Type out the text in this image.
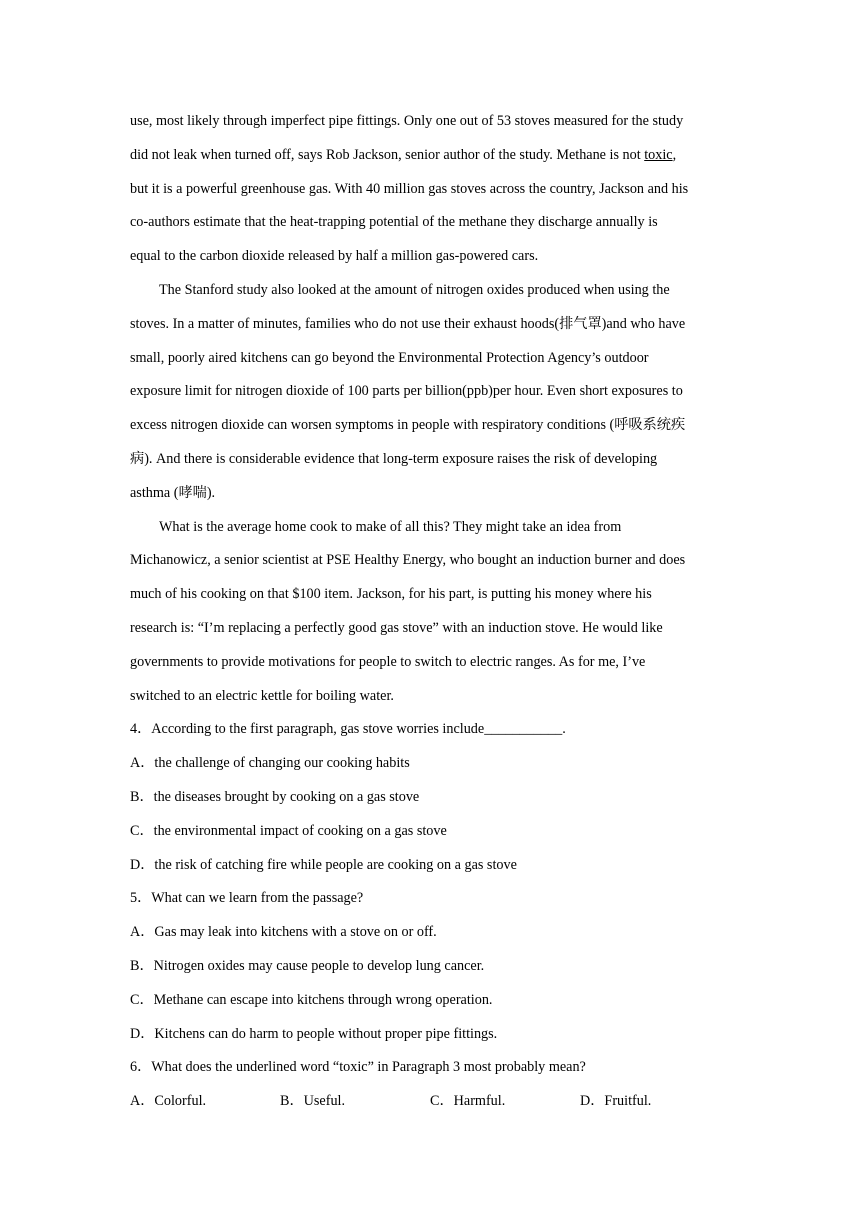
use, most likely through imperfect pipe fittings. Only one out of 53 stoves measured for the study
did not leak when turned off, says Rob Jackson, senior author of the study. Methane is not toxic,
but it is a powerful greenhouse gas. With 40 million gas stoves across the country, Jackson and his
co-authors estimate that the heat-trapping potential of the methane they discharge annually is
equal to the carbon dioxide released by half a million gas-powered cars.
The Stanford study also looked at the amount of nitrogen oxides produced when using the
stoves. In a matter of minutes, families who do not use their exhaust hoods(排气罩)and who have
small, poorly aired kitchens can go beyond the Environmental Protection Agency’s outdoor
exposure limit for nitrogen dioxide of 100 parts per billion(ppb)per hour. Even short exposures to
excess nitrogen dioxide can worsen symptoms in people with respiratory conditions (呼吸系统疾
病). And there is considerable evidence that long-term exposure raises the risk of developing
asthma (哮喘).
What is the average home cook to make of all this? They might take an idea from
Michanowicz, a senior scientist at PSE Healthy Energy, who bought an induction burner and does
much of his cooking on that $100 item. Jackson, for his part, is putting his money where his
research is: “I’m replacing a perfectly good gas stove” with an induction stove. He would like
governments to provide motivations for people to switch to electric ranges. As for me, I’ve
switched to an electric kettle for boiling water.
4．According to the first paragraph, gas stove worries include___________.
A．the challenge of changing our cooking habits
B．the diseases brought by cooking on a gas stove
C．the environmental impact of cooking on a gas stove
D．the risk of catching fire while people are cooking on a gas stove
5．What can we learn from the passage?
A．Gas may leak into kitchens with a stove on or off.
B．Nitrogen oxides may cause people to develop lung cancer.
C．Methane can escape into kitchens through wrong operation.
D．Kitchens can do harm to people without proper pipe fittings.
6．What does the underlined word “toxic” in Paragraph 3 most probably mean?
A．Colorful.	B．Useful.	C．Harmful.	D．Fruitful.
